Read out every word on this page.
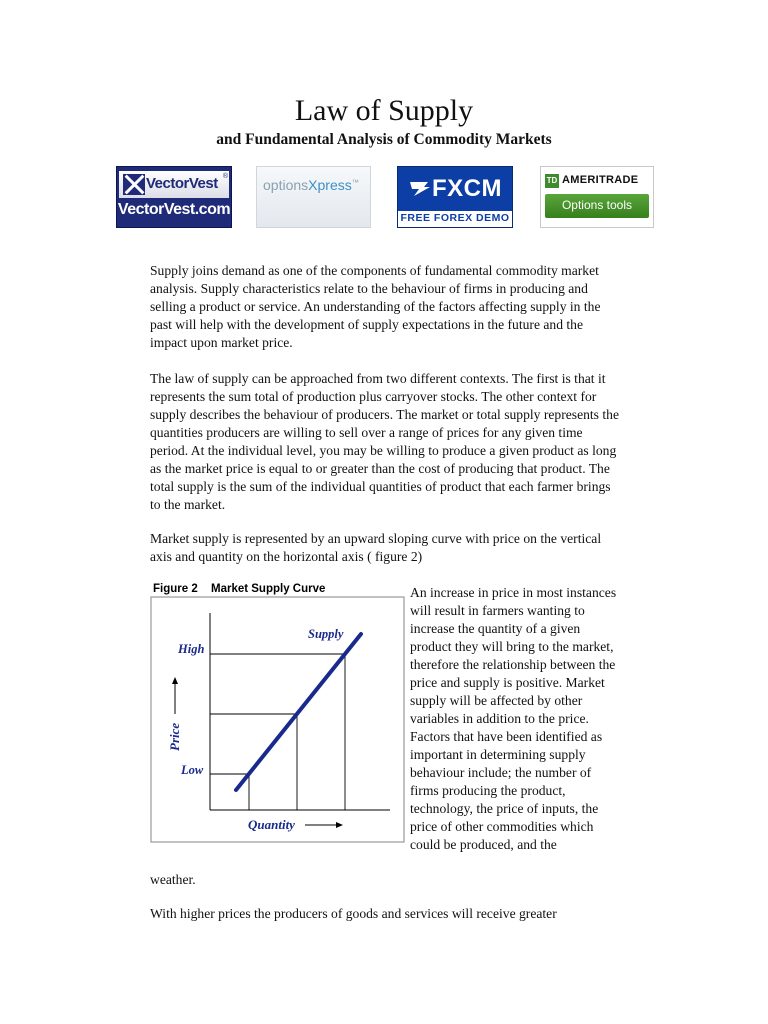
Law of Supply
and Fundamental Analysis of Commodity Markets
VectorVest ®
VectorVest.com
optionsXpress™	FXCM
FREE FOREX DEMO
TD AMERITRADE
Options tools

Supply joins demand as one of the components of fundamental commodity market analysis. Supply characteristics relate to the behaviour of firms in producing and selling a product or service. An understanding of the factors affecting supply in the past will help with the development of supply expectations in the future and the impact upon market price.

The law of supply can be approached from two different contexts. The first is that it represents the sum total of production plus carryover stocks. The other context for supply describes the behaviour of producers. The market or total supply represents the quantities producers are willing to sell over a range of prices for any given time period. At the individual level, you may be willing to produce a given product as long as the market price is equal to or greater than the cost of producing that product. The total supply is the sum of the individual quantities of product that each farmer brings to the market.

Market supply is represented by an upward sloping curve with price on the vertical axis and quantity on the horizontal axis ( figure 2)

An increase in price in most instances will result in farmers wanting to increase the quantity of a given product they will bring to the market, therefore the relationship between the price and supply is positive. Market supply will be affected by other variables in addition to the price. Factors that have been identified as important in determining supply behaviour include; the number of firms producing the product, technology, the price of inputs, the price of other commodities which could be produced, and the

weather.

With higher prices the producers of goods and services will receive greater

Figure 2 Market Supply Curve
Supply
High
Low
Price
Quantity
